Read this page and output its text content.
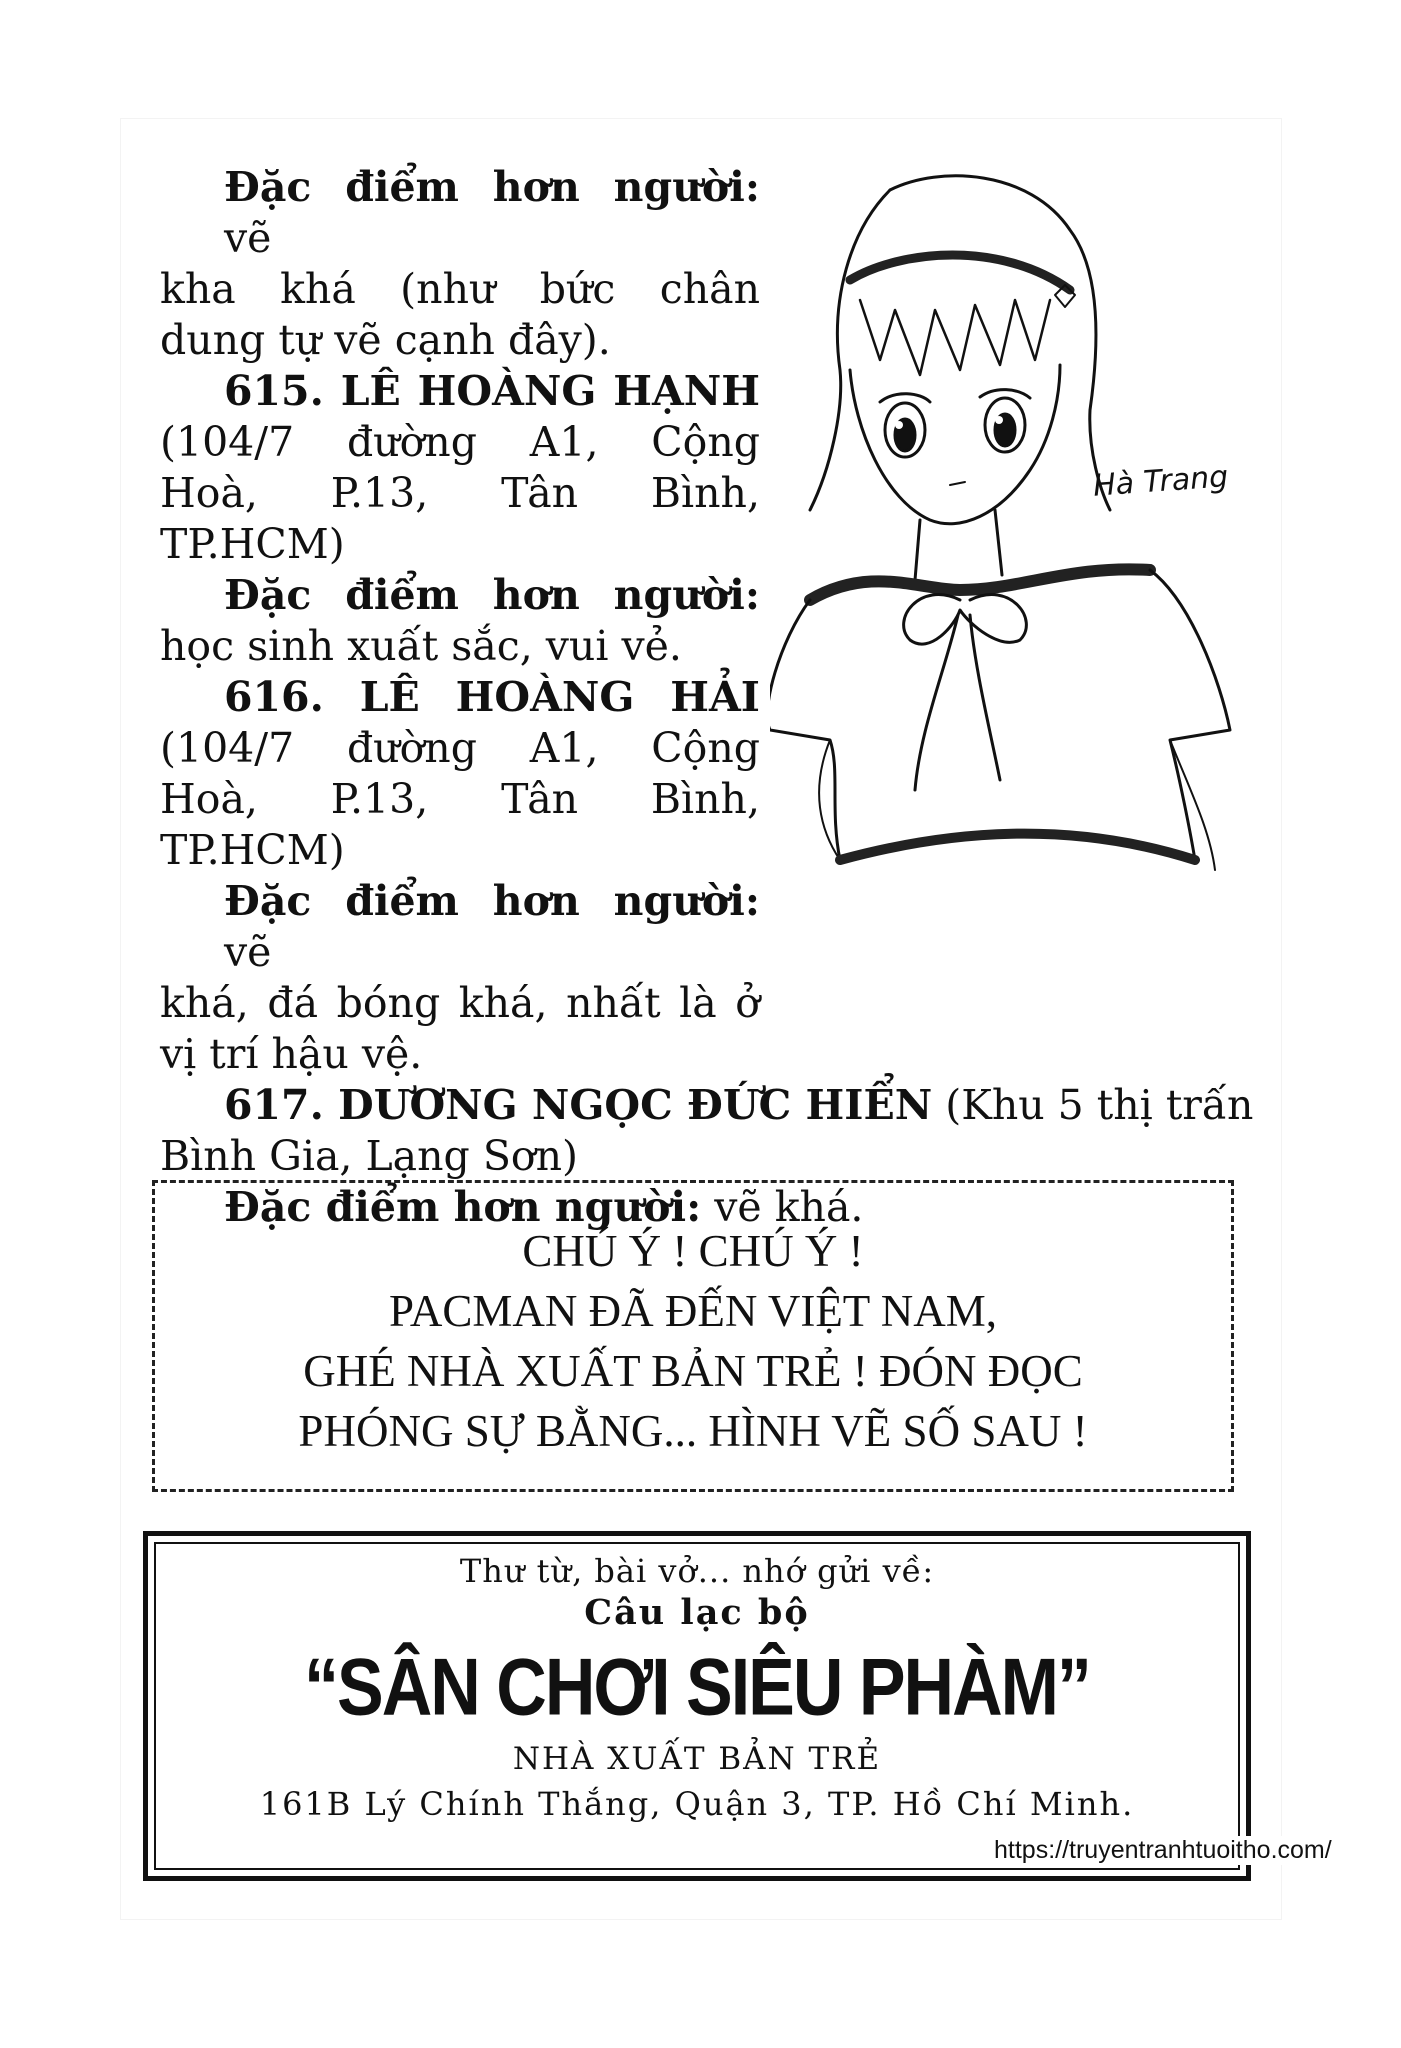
Đặc điểm hơn người: vẽ
kha khá (như bức chân
dung tự vẽ cạnh đây).
615. LÊ HOÀNG HẠNH
(104/7 đường A1, Cộng
Hoà, P.13, Tân Bình,
TP.HCM)
Đặc điểm hơn người:
học sinh xuất sắc, vui vẻ.
616. LÊ HOÀNG HẢI
(104/7 đường A1, Cộng
Hoà, P.13, Tân Bình,
TP.HCM)
Đặc điểm hơn người: vẽ
khá, đá bóng khá, nhất là ở
vị trí hậu vệ.
617. DƯƠNG NGỌC ĐỨC HIỂN (Khu 5 thị trấn
Bình Gia, Lạng Sơn)
Đặc điểm hơn người: vẽ khá.
Hà Trang
CHÚ Ý ! CHÚ Ý !
PACMAN ĐÃ ĐẾN VIỆT NAM,
GHÉ NHÀ XUẤT BẢN TRẺ ! ĐÓN ĐỌC
PHÓNG SỰ BẰNG... HÌNH VẼ SỐ SAU !
Thư từ, bài vở... nhớ gửi về:
Câu lạc bộ
“SÂN CHƠI SIÊU PHÀM”
NHÀ XUẤT BẢN TRẺ
161B Lý Chính Thắng, Quận 3, TP. Hồ Chí Minh.
https://truyentranhtuoitho.com/
